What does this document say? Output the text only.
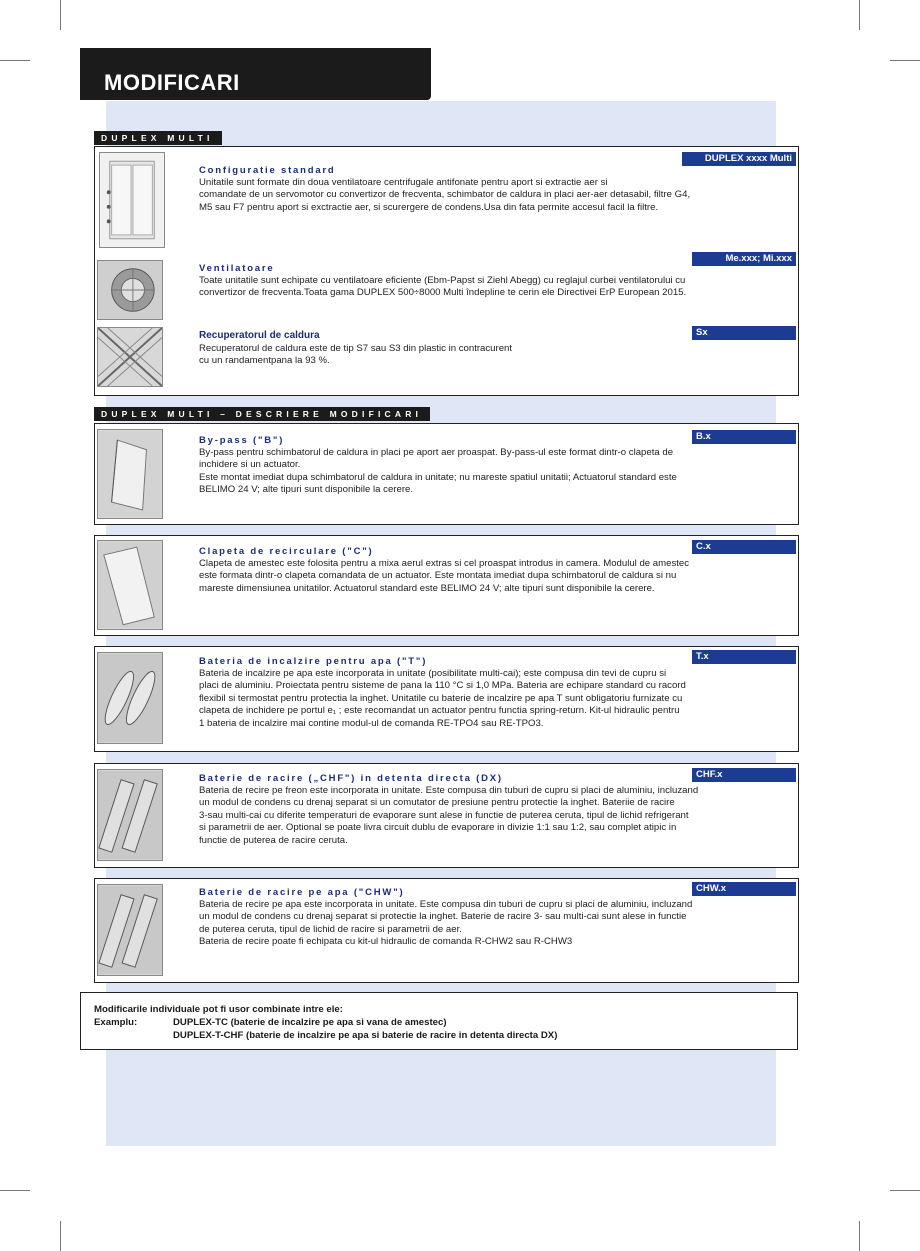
MODIFICARI
DUPLEX MULTI
Configuratie standard
DUPLEX xxxx Multi
Unitatile sunt formate din doua ventilatoare centrifugale antifonate pentru aport si extractie aer si
comandate de un servomotor cu convertizor de frecventa, schimbator de caldura in placi aer-aer detasabil, filtre G4,
M5 sau F7 pentru aport si exctractie aer, si scurergere de condens.Usa din fata permite accesul facil la filtre.
Ventilatoare
Me.xxx; Mi.xxx
Toate unitatile sunt echipate cu ventilatoare eficiente (Ebm-Papst si Ziehl Abegg) cu reglajul curbei ventilatorului cu
convertizor de frecventa.Toata gama DUPLEX 500÷8000 Multi îndepline te cerin ele Directivei ErP European 2015.
Recuperatorul de caldura	Sx
Recuperatorul de caldura este de tip S7 sau S3 din plastic in contracurent
cu un randamentpana la 93 %.
DUPLEX MULTI – DESCRIERE MODIFICARI
By-pass ("B")	B.x
By-pass pentru schimbatorul de caldura in placi pe aport aer proaspat. By-pass-ul este format dintr-o clapeta de
inchidere si un actuator.
Este montat imediat dupa schimbatorul de caldura in unitate; nu mareste spatiul unitatii; Actuatorul standard este
BELIMO 24 V; alte tipuri sunt disponibile la cerere.
Clapeta de recirculare ("C")	C.x
Clapeta de amestec este folosita pentru a mixa aerul extras si cel proaspat introdus in camera. Modulul de amestec
este formata dintr-o clapeta comandata de un actuator. Este montata imediat dupa schimbatorul de caldura si nu
mareste dimensiunea unitatilor. Actuatorul standard este BELIMO 24 V; alte tipuri sunt disponibile la cerere.
Bateria de incalzire pentru apa ("T")	T.x
Bateria de incalzire pe apa este incorporata in unitate (posibilitate multi-cai); este compusa din tevi de cupru si
placi de aluminiu. Proiectata pentru sisteme de pana la 110 °C si 1,0 MPa. Bateria are echipare standard cu racord
flexibil si termostat pentru protectia la inghet. Unitatile cu baterie de incalzire pe apa T sunt obligatoriu furnizate cu
clapeta de inchidere pe portul e₁ ; este recomandat un actuator pentru functia spring-return. Kit-ul hidraulic pentru
1 bateria de incalzire mai contine modul-ul de comanda RE-TPO4 sau RE-TPO3.
Baterie de racire („CHF") in detenta directa (DX)	CHF.x
Bateria de recire pe freon este incorporata in unitate. Este compusa din tuburi de cupru si placi de aluminiu, incluzand
un modul de condens cu drenaj separat si un comutator de presiune pentru protectie la inghet. Bateriie de racire
3-sau multi-cai cu diferite temperaturi de evaporare sunt alese in functie de puterea ceruta, tipul de lichid refrigerant
si parametrii de aer. Optional se poate livra circuit dublu de evaporare in divizie 1:1 sau 1:2, sau complet atipic in
functie de puterea de racire ceruta.
Baterie de racire pe apa ("CHW")	CHW.x
Bateria de recire pe apa este incorporata in unitate. Este compusa din tuburi de cupru si placi de aluminiu, incluzand
un modul de condens cu drenaj separat si protectie la inghet. Baterie de racire 3- sau multi-cai sunt alese in functie
de puterea ceruta, tipul de lichid de racire si parametrii de aer.
Bateria de recire poate fi echipata cu kit-ul hidraulic de comanda R-CHW2 sau R-CHW3
Modificarile individuale pot fi usor combinate intre ele:
Examplu:	DUPLEX-TC (baterie de incalzire pe apa si vana de amestec)
DUPLEX-T-CHF (baterie de incalzire pe apa si baterie de racire in detenta directa DX)
